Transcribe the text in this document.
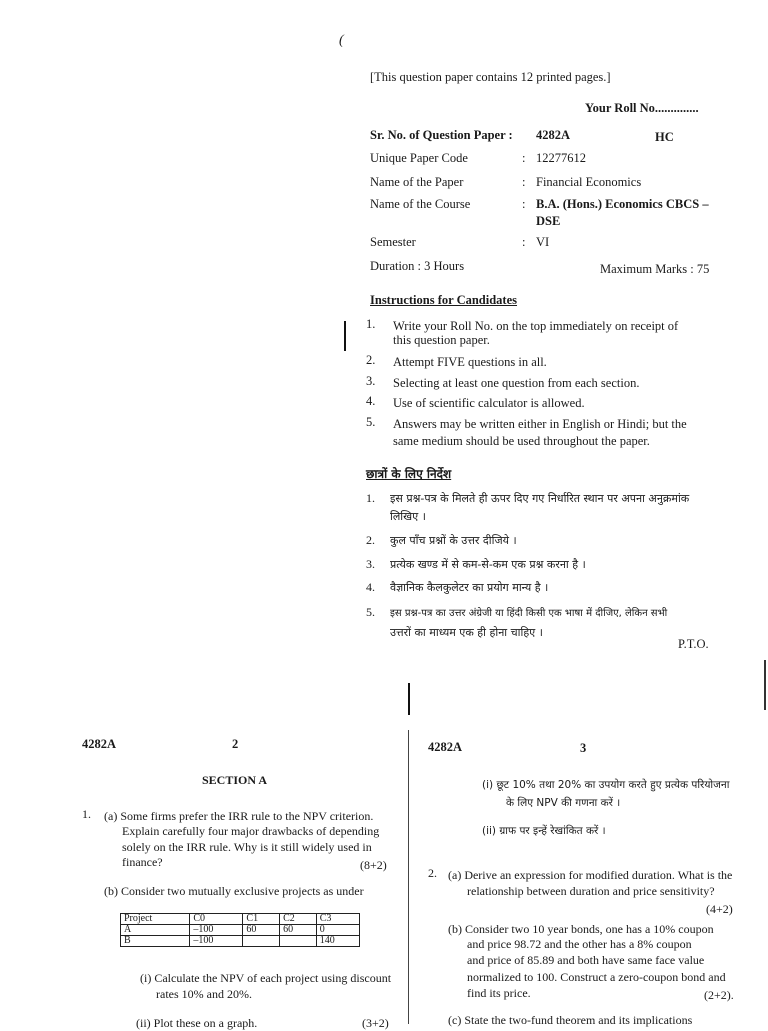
(
[This question paper contains 12 printed pages.]
Your Roll No..............
Sr. No. of Question Paper : 4282A	HC
Unique Paper Code	: 12277612
Name of the Paper	: Financial Economics
Name of the Course	: B.A. (Hons.) Economics CBCS –
DSE
Semester	: VI
Duration : 3 Hours	Maximum Marks : 75
Instructions for Candidates
1. Write your Roll No. on the top immediately on receipt of
this question paper.
2. Attempt FIVE questions in all.
3. Selecting at least one question from each section.
4. Use of scientific calculator is allowed.
5. Answers may be written either in English or Hindi; but the
same medium should be used throughout the paper.
छात्रों के लिए निर्देश
1. इस प्रश्न-पत्र के मिलते ही ऊपर दिए गए निर्धारित स्थान पर अपना अनुक्रमांक
लिखिए ।
2. कुल पाँच प्रश्नों के उत्तर दीजिये ।
3. प्रत्येक खण्ड में से कम-से-कम एक प्रश्न करना है ।
4. वैज्ञानिक कैलकुलेटर का प्रयोग मान्य है ।
5. इस प्रश्न-पत्र का उत्तर अंग्रेजी या हिंदी किसी एक भाषा में दीजिए, लेकिन सभी
उत्तरों का माध्यम एक ही होना चाहिए ।
P.T.O.
4282A	2
SECTION A
1. (a) Some firms prefer the IRR rule to the NPV criterion.
Explain carefully four major drawbacks of depending
solely on the IRR rule. Why is it still widely used in
finance?	(8+2)
(b) Consider two mutually exclusive projects as under
Project	C0	C1	C2	C3
A	–100	60	60	0
B	–100			140
(i) Calculate the NPV of each project using discount
rates 10% and 20%.
(ii) Plot these on a graph.	(3+2)
4282A	3
(i) छूट 10% तथा 20% का उपयोग करते हुए प्रत्येक परियोजना
के लिए NPV की गणना करें ।
(ii) ग्राफ पर इन्हें रेखांकित करें ।
2. (a) Derive an expression for modified duration. What is the
relationship between duration and price sensitivity?
(4+2)
(b) Consider two 10 year bonds, one has a 10% coupon
and price 98.72 and the other has a 8% coupon
and price of 85.89 and both have same face value
normalized to 100. Construct a zero-coupon bond and
find its price.	(2+2).
(c) State the two-fund theorem and its implications
